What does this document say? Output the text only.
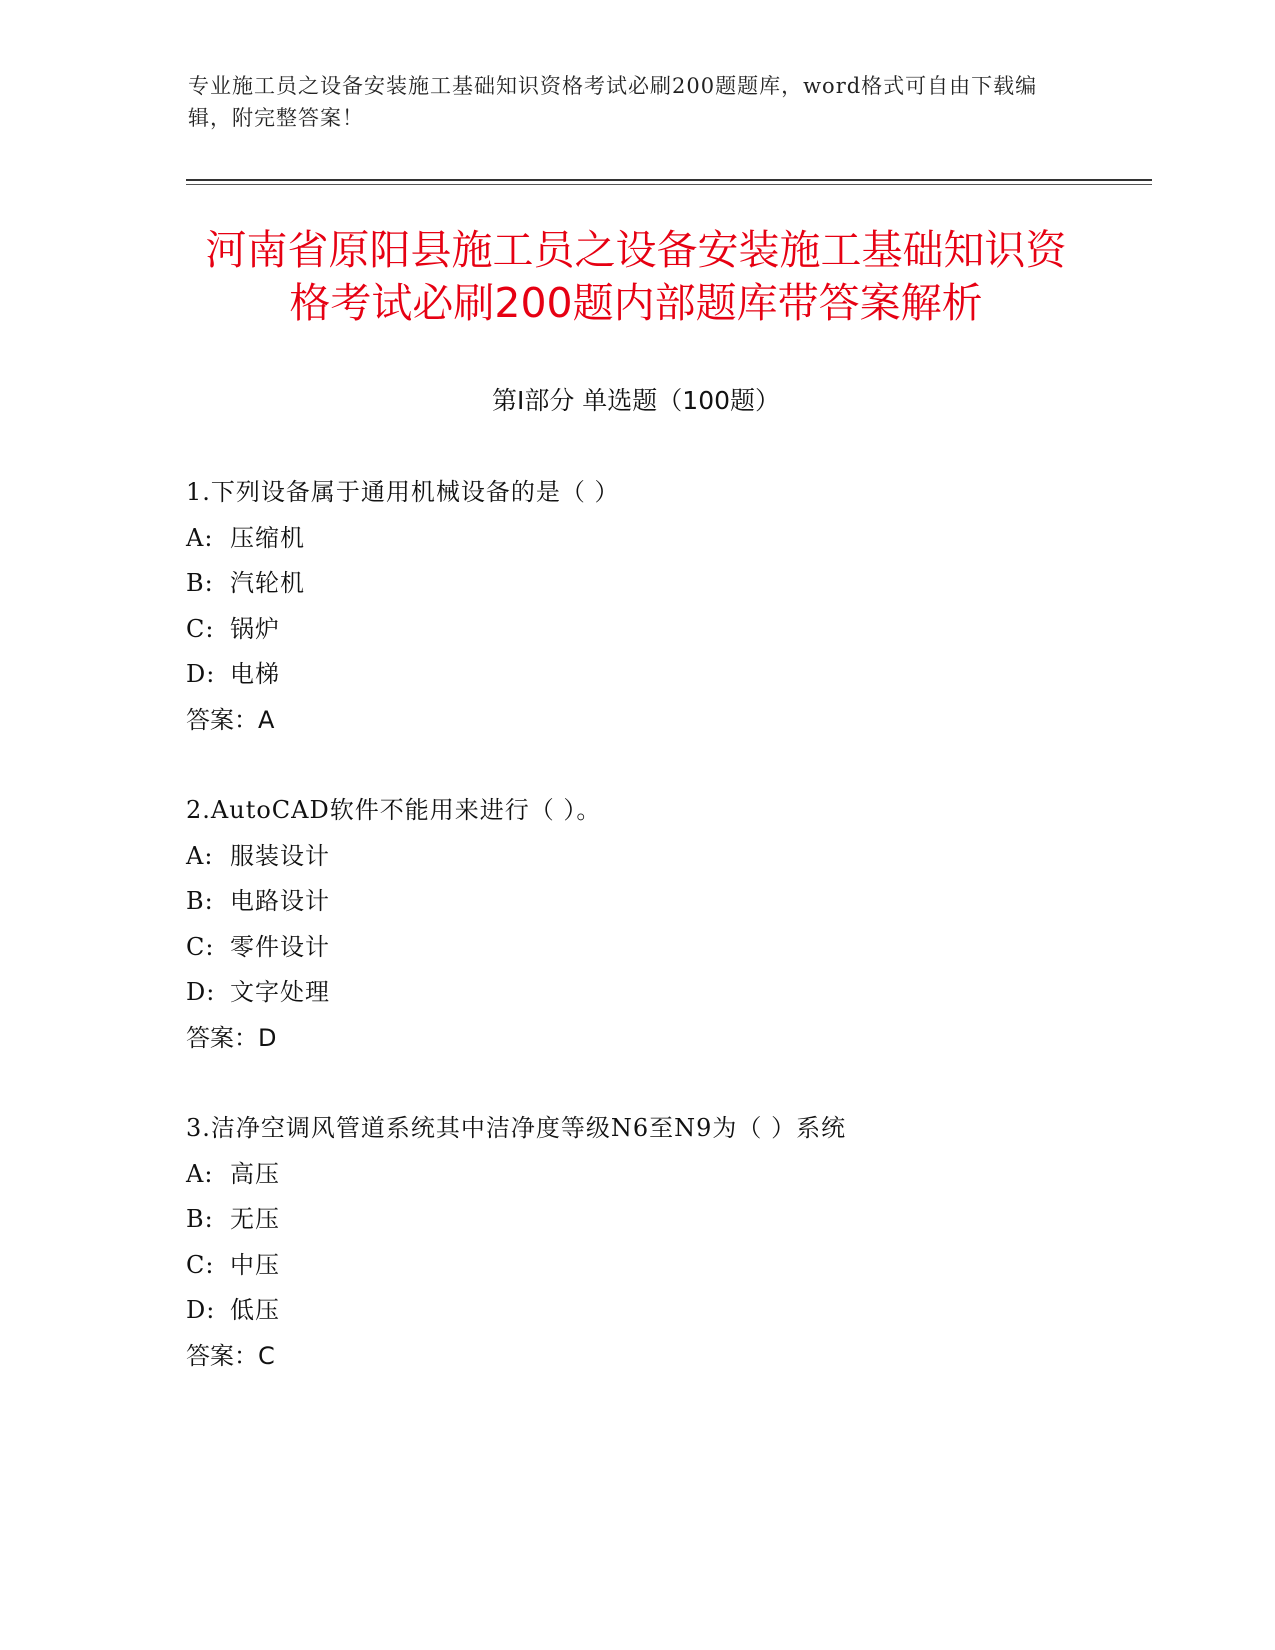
专业施工员之设备安装施工基础知识资格考试必刷200题题库，word格式可自由下载编辑，附完整答案！
河南省原阳县施工员之设备安装施工基础知识资格考试必刷200题内部题库带答案解析
第Ⅰ部分 单选题（100题）
1.下列设备属于通用机械设备的是（ ）
A: 压缩机
B: 汽轮机
C: 锅炉
D: 电梯
答案：A
2.AutoCAD软件不能用来进行（ ）。
A: 服装设计
B: 电路设计
C: 零件设计
D: 文字处理
答案：D
3.洁净空调风管道系统其中洁净度等级N6至N9为（ ）系统
A: 高压
B: 无压
C: 中压
D: 低压
答案：C
